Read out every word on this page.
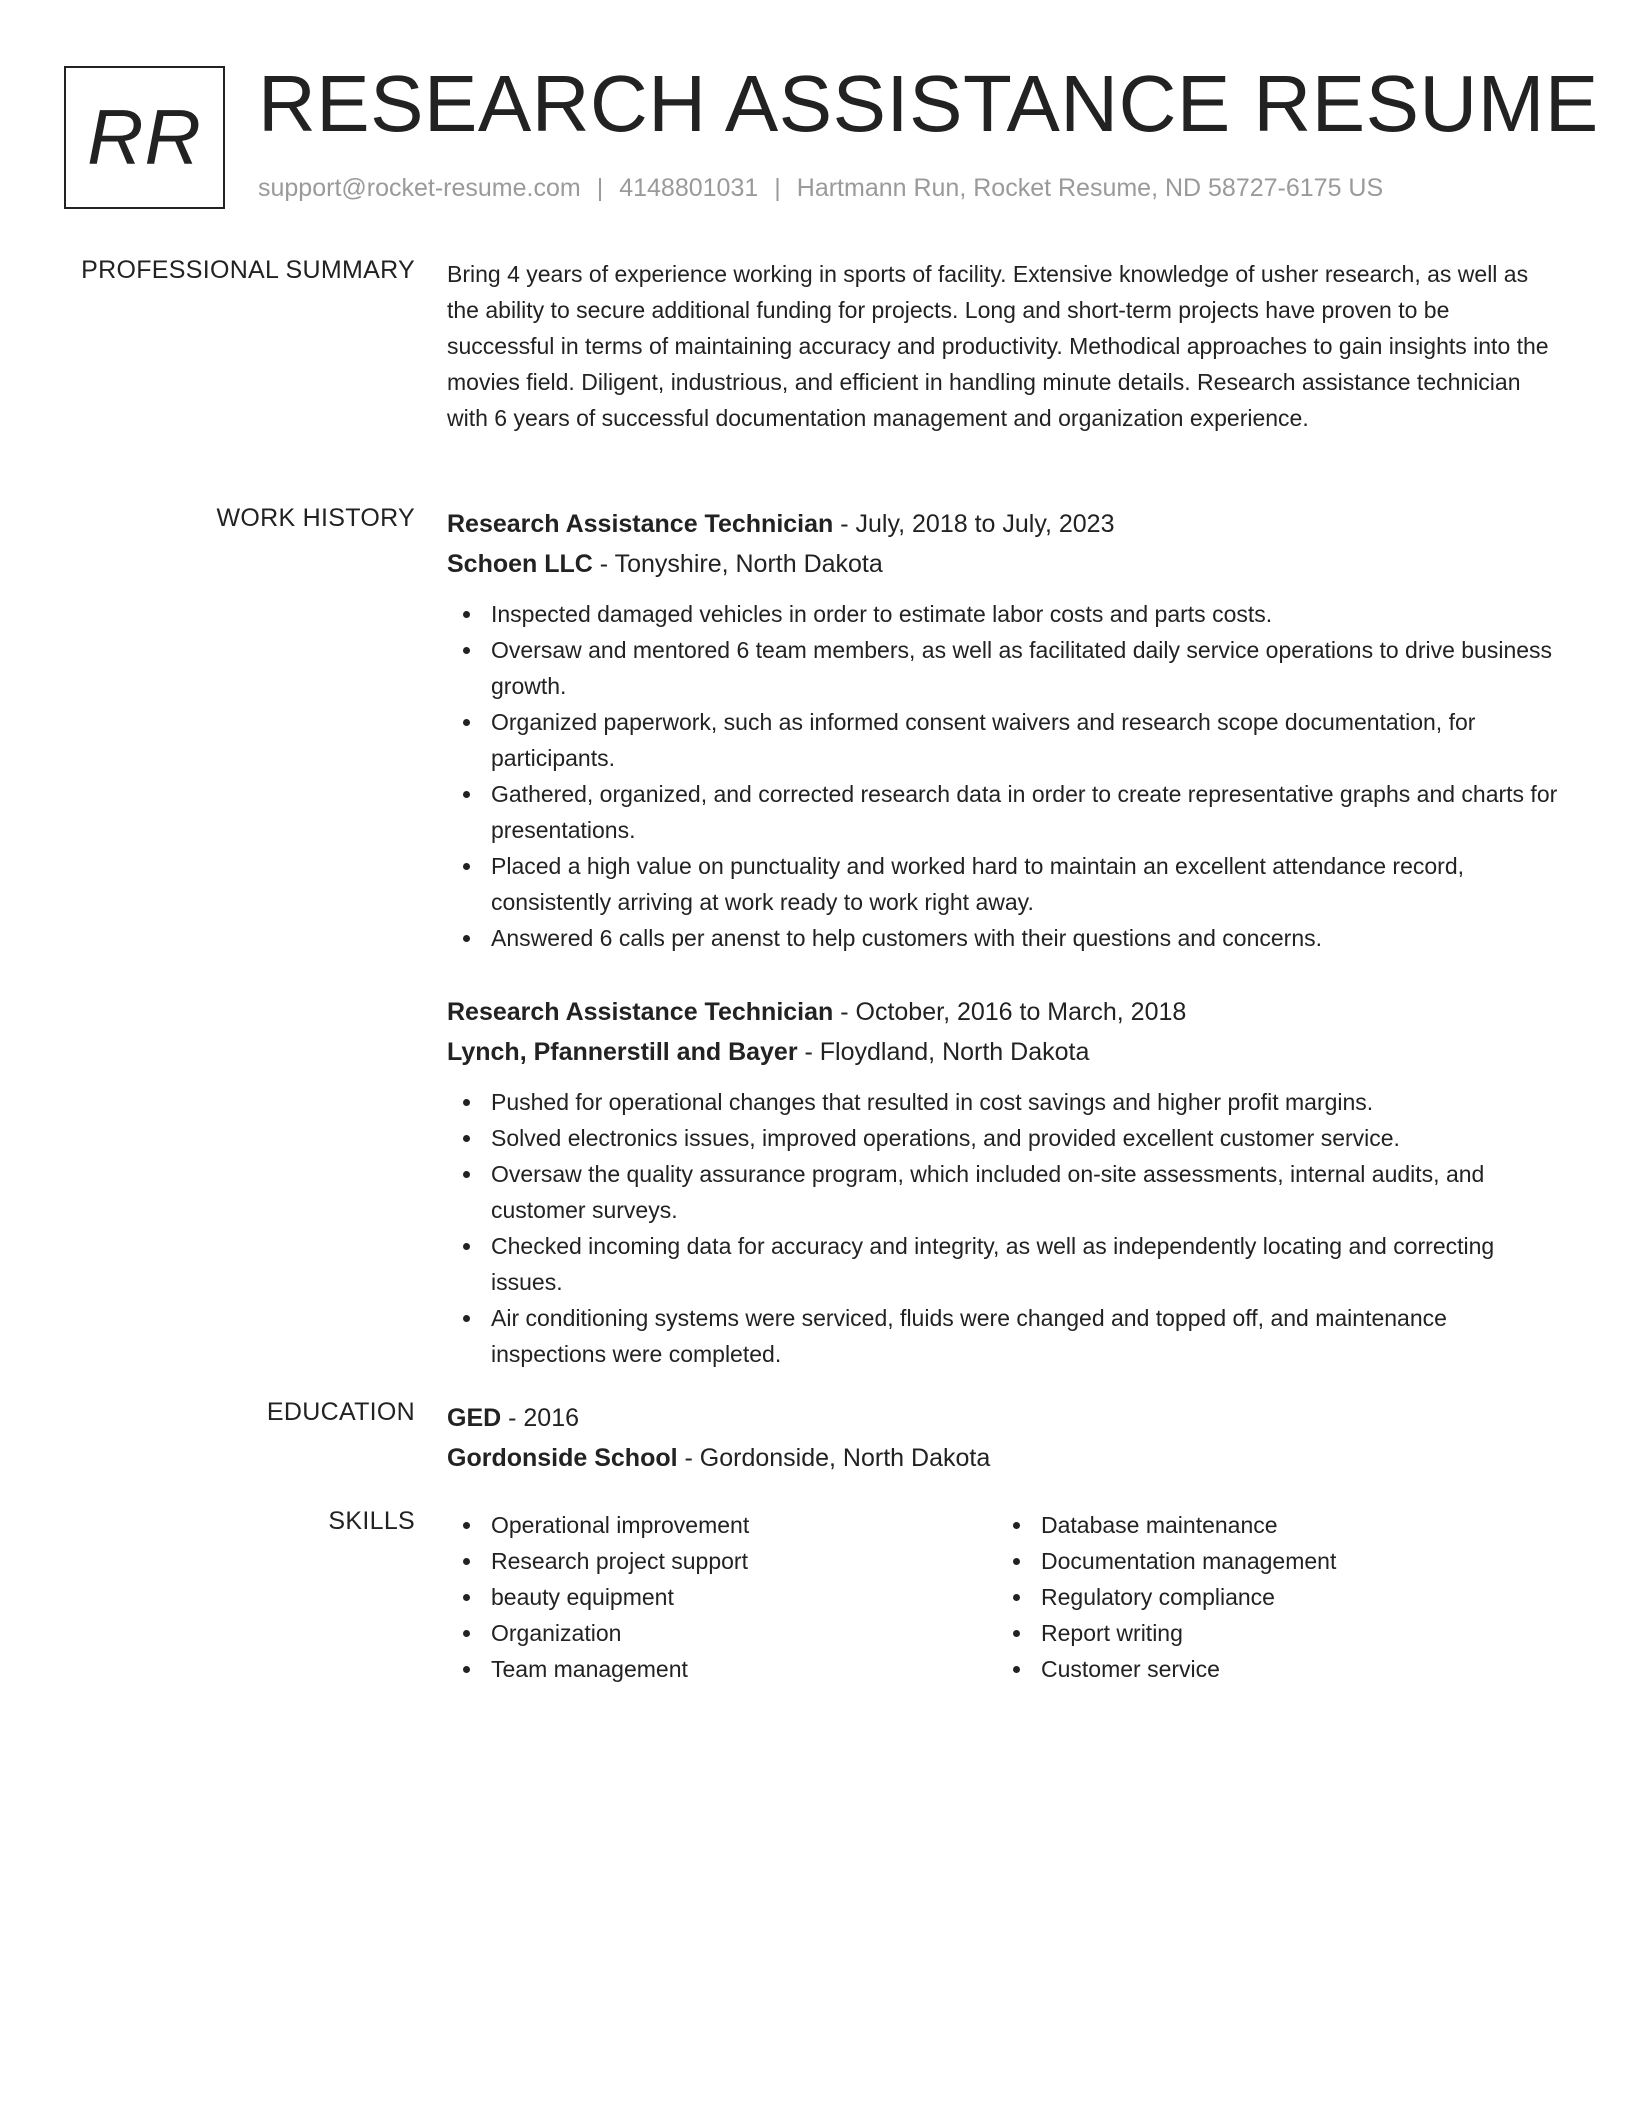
RR RESEARCH ASSISTANCE RESUME
support@rocket-resume.com | 4148801031 | Hartmann Run, Rocket Resume, ND 58727-6175 US
PROFESSIONAL SUMMARY Bring 4 years of experience working in sports of facility. Extensive knowledge of usher research, as well as the ability to secure additional funding for projects. Long and short-term projects have proven to be successful in terms of maintaining accuracy and productivity. Methodical approaches to gain insights into the movies field. Diligent, industrious, and efficient in handling minute details. Research assistance technician with 6 years of successful documentation management and organization experience.

WORK HISTORY Research Assistance Technician - July, 2018 to July, 2023
Schoen LLC - Tonyshire, North Dakota
Inspected damaged vehicles in order to estimate labor costs and parts costs.
Oversaw and mentored 6 team members, as well as facilitated daily service operations to drive business growth.
Organized paperwork, such as informed consent waivers and research scope documentation, for participants.
Gathered, organized, and corrected research data in order to create representative graphs and charts for presentations.
Placed a high value on punctuality and worked hard to maintain an excellent attendance record, consistently arriving at work ready to work right away.
Answered 6 calls per anenst to help customers with their questions and concerns.
Research Assistance Technician - October, 2016 to March, 2018
Lynch, Pfannerstill and Bayer - Floydland, North Dakota
Pushed for operational changes that resulted in cost savings and higher profit margins.
Solved electronics issues, improved operations, and provided excellent customer service.
Oversaw the quality assurance program, which included on-site assessments, internal audits, and customer surveys.
Checked incoming data for accuracy and integrity, as well as independently locating and correcting issues.
Air conditioning systems were serviced, fluids were changed and topped off, and maintenance inspections were completed.
EDUCATION GED - 2016
Gordonside School - Gordonside, North Dakota
SKILLS	Operational improvement
Research project support
beauty equipment
Organization
Team management
Database maintenance
Documentation management
Regulatory compliance
Report writing
Customer service
